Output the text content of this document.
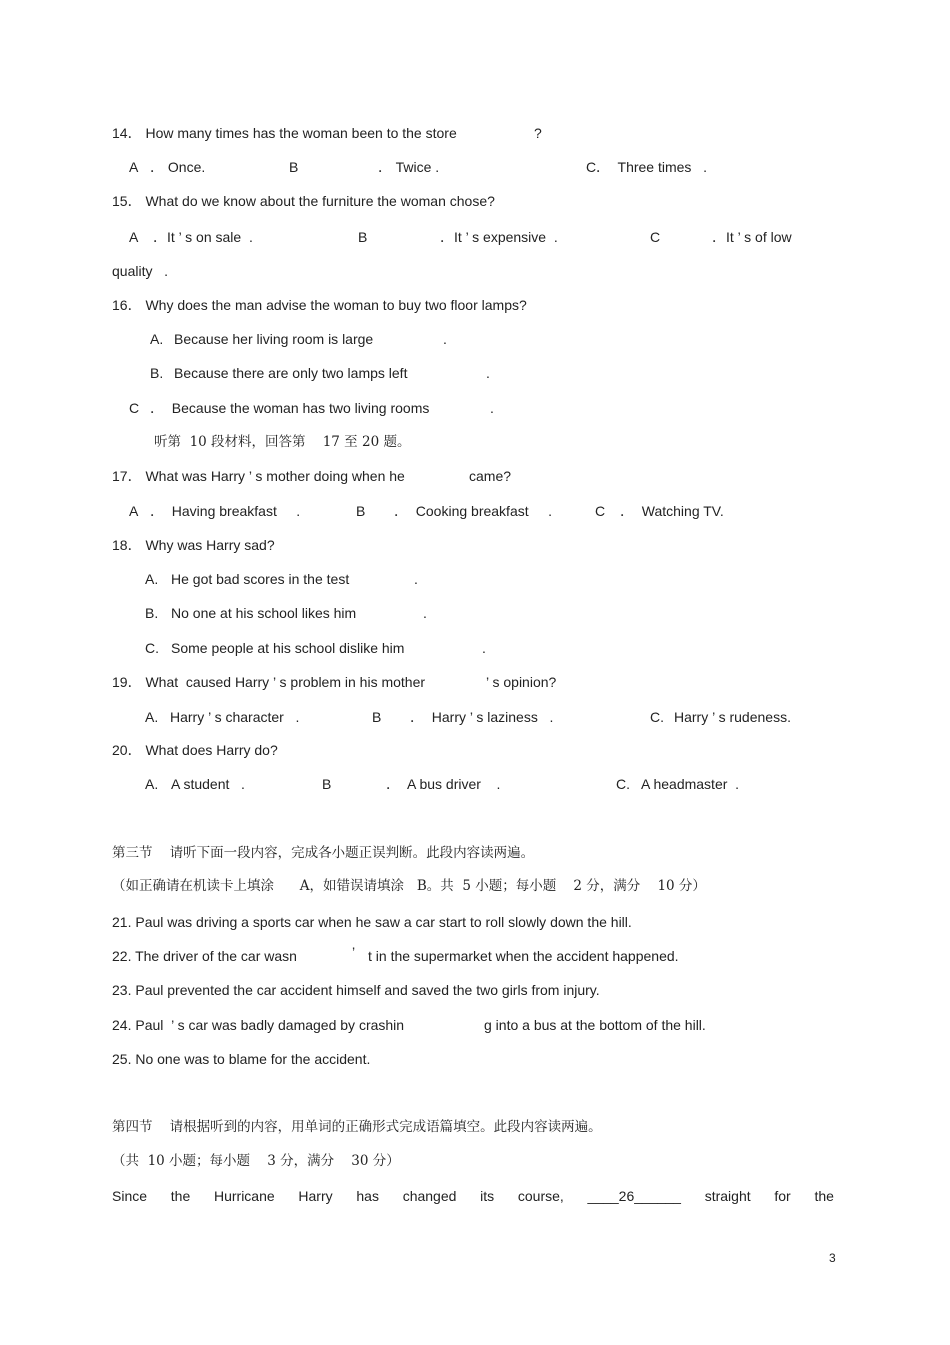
14． How many times has the woman been to the store	?
A ． Once.	B	． Twice .	C ．  Three times   .
15． What do we know about the furniture the woman chose?
A ．It ’ s on sale  .	B	．It ’ s expensive  .	C	．It ’ s of low
quality   .
16． Why does the man advise the woman to buy two floor lamps?
A. Because her living room is large	.
B. Because there are only two lamps left	.
C ．  Because the woman has two living rooms	.
听第  10 段材料，回答第    17 至 20 题。
17． What was Harry ’ s mother doing when he	came?
A ．  Having breakfast     .	B ．  Cooking breakfast     .	C ．  Watching TV.
18． Why was Harry sad?
A. He got bad scores in the test	.
B. No one at his school likes him	.
C. Some people at his school dislike him	.
19． What  caused Harry ’ s problem in his mother	’ s opinion?
A. Harry ’ s character   .	B ．  Harry ’ s laziness   .	C. Harry ’ s rudeness.
20． What does Harry do?
A. A student   .	B	．  A bus driver    .	C. A headmaster  .
第三节    请听下面一段内容，完成各小题正误判断。此段内容读两遍。
（如正确请在机读卡上填涂      A，如错误请填涂   B。共  5 小题；每小题    2 分，满分    10 分）
21. Paul was driving a sports car when he saw a car start to roll slowly down the hill.
22. The driver of the car wasn	’ t in the supermarket when the accident happened.
23. Paul prevented the car accident himself and saved the two girls from injury.
24. Paul  ’ s car was badly damaged by crashin	g into a bus at the bottom of the hill.
25. No one was to blame for the accident.
第四节    请根据听到的内容，用单词的正确形式完成语篇填空。此段内容读两遍。
（共  10 小题；每小题    3 分，满分    30 分）
Since the Hurricane Harry has changed its course, ____26______ straight for the
3
